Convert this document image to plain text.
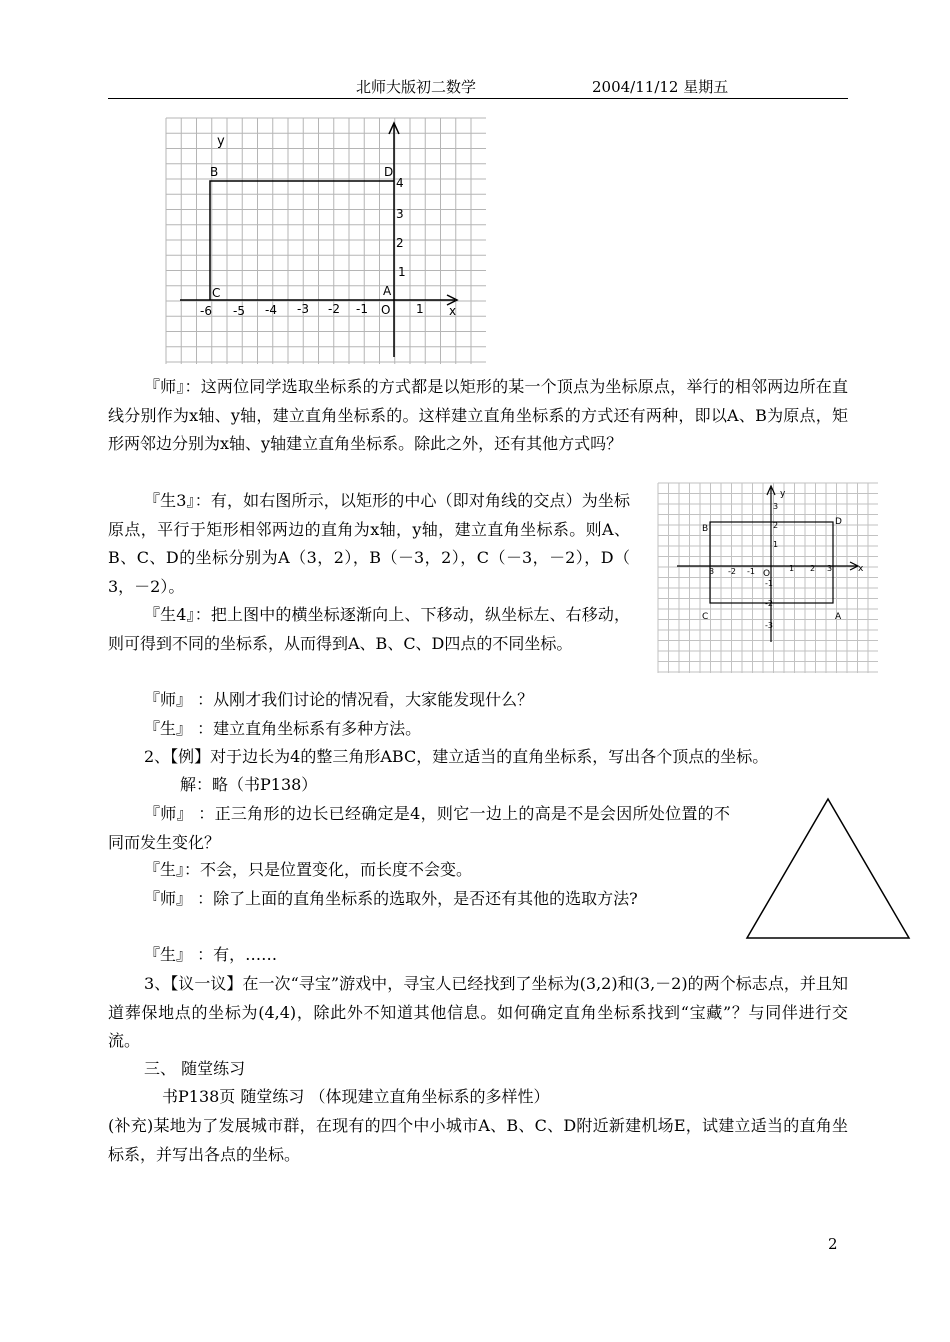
北师大版初二数学	2004/11/12 星期五
y
x
O
B	D
C	A
-6 -5 -4 -3 -2 -1	1
4
3
2
1
y
x
O
B
D
C	A
3 -2 -1	1 2 3
3
2
1
-1
-2
-3

『师』：这两位同学选取坐标系的方式都是以矩形的某一个顶点为坐标原点，举行的相邻两边所在直线分别作为x轴、y轴，建立直角坐标系的。这样建立直角坐标系的方式还有两种，即以A、B为原点，矩形两邻边分别为x轴、y轴建立直角坐标系。除此之外，还有其他方式吗？

『生3』：有，如右图所示，以矩形的中心（即对角线的交点）为坐标原点，平行于矩形相邻两边的直角为x轴，y轴，建立直角坐标系。则A、B、C、D的坐标分别为A（3，2），B（－3，2），C（－3，－2），D（ 3，－2）。

『生4』：把上图中的横坐标逐渐向上、下移动，纵坐标左、右移动，则可得到不同的坐标系，从而得到A、B、C、D四点的不同坐标。

『师』 ：从刚才我们讨论的情况看，大家能发现什么？
『生』 ：建立直角坐标系有多种方法。
2、【例】对于边长为4的整三角形ABC，建立适当的直角坐标系，写出各个顶点的坐标。
解：略（书P138）

『师』 ：正三角形的边长已经确定是4，则它一边上的高是不是会因所处位置的不同而发生变化？

『生』：不会，只是位置变化，而长度不会变。

『师』 ：除了上面的直角坐标系的选取外，是否还有其他的选取方法?

『生』 ：有，……

3、【议一议】在一次“寻宝”游戏中，寻宝人已经找到了坐标为(3,2)和(3,－2)的两个标志点，并且知道葬保地点的坐标为(4,4)，除此外不知道其他信息。如何确定直角坐标系找到“宝藏”？与同伴进行交流。

三、 随堂练习
书P138页 随堂练习 （体现建立直角坐标系的多样性）

(补充)某地为了发展城市群，在现有的四个中小城市A、B、C、D附近新建机场E，试建立适当的直角坐标系，并写出各点的坐标。

2
